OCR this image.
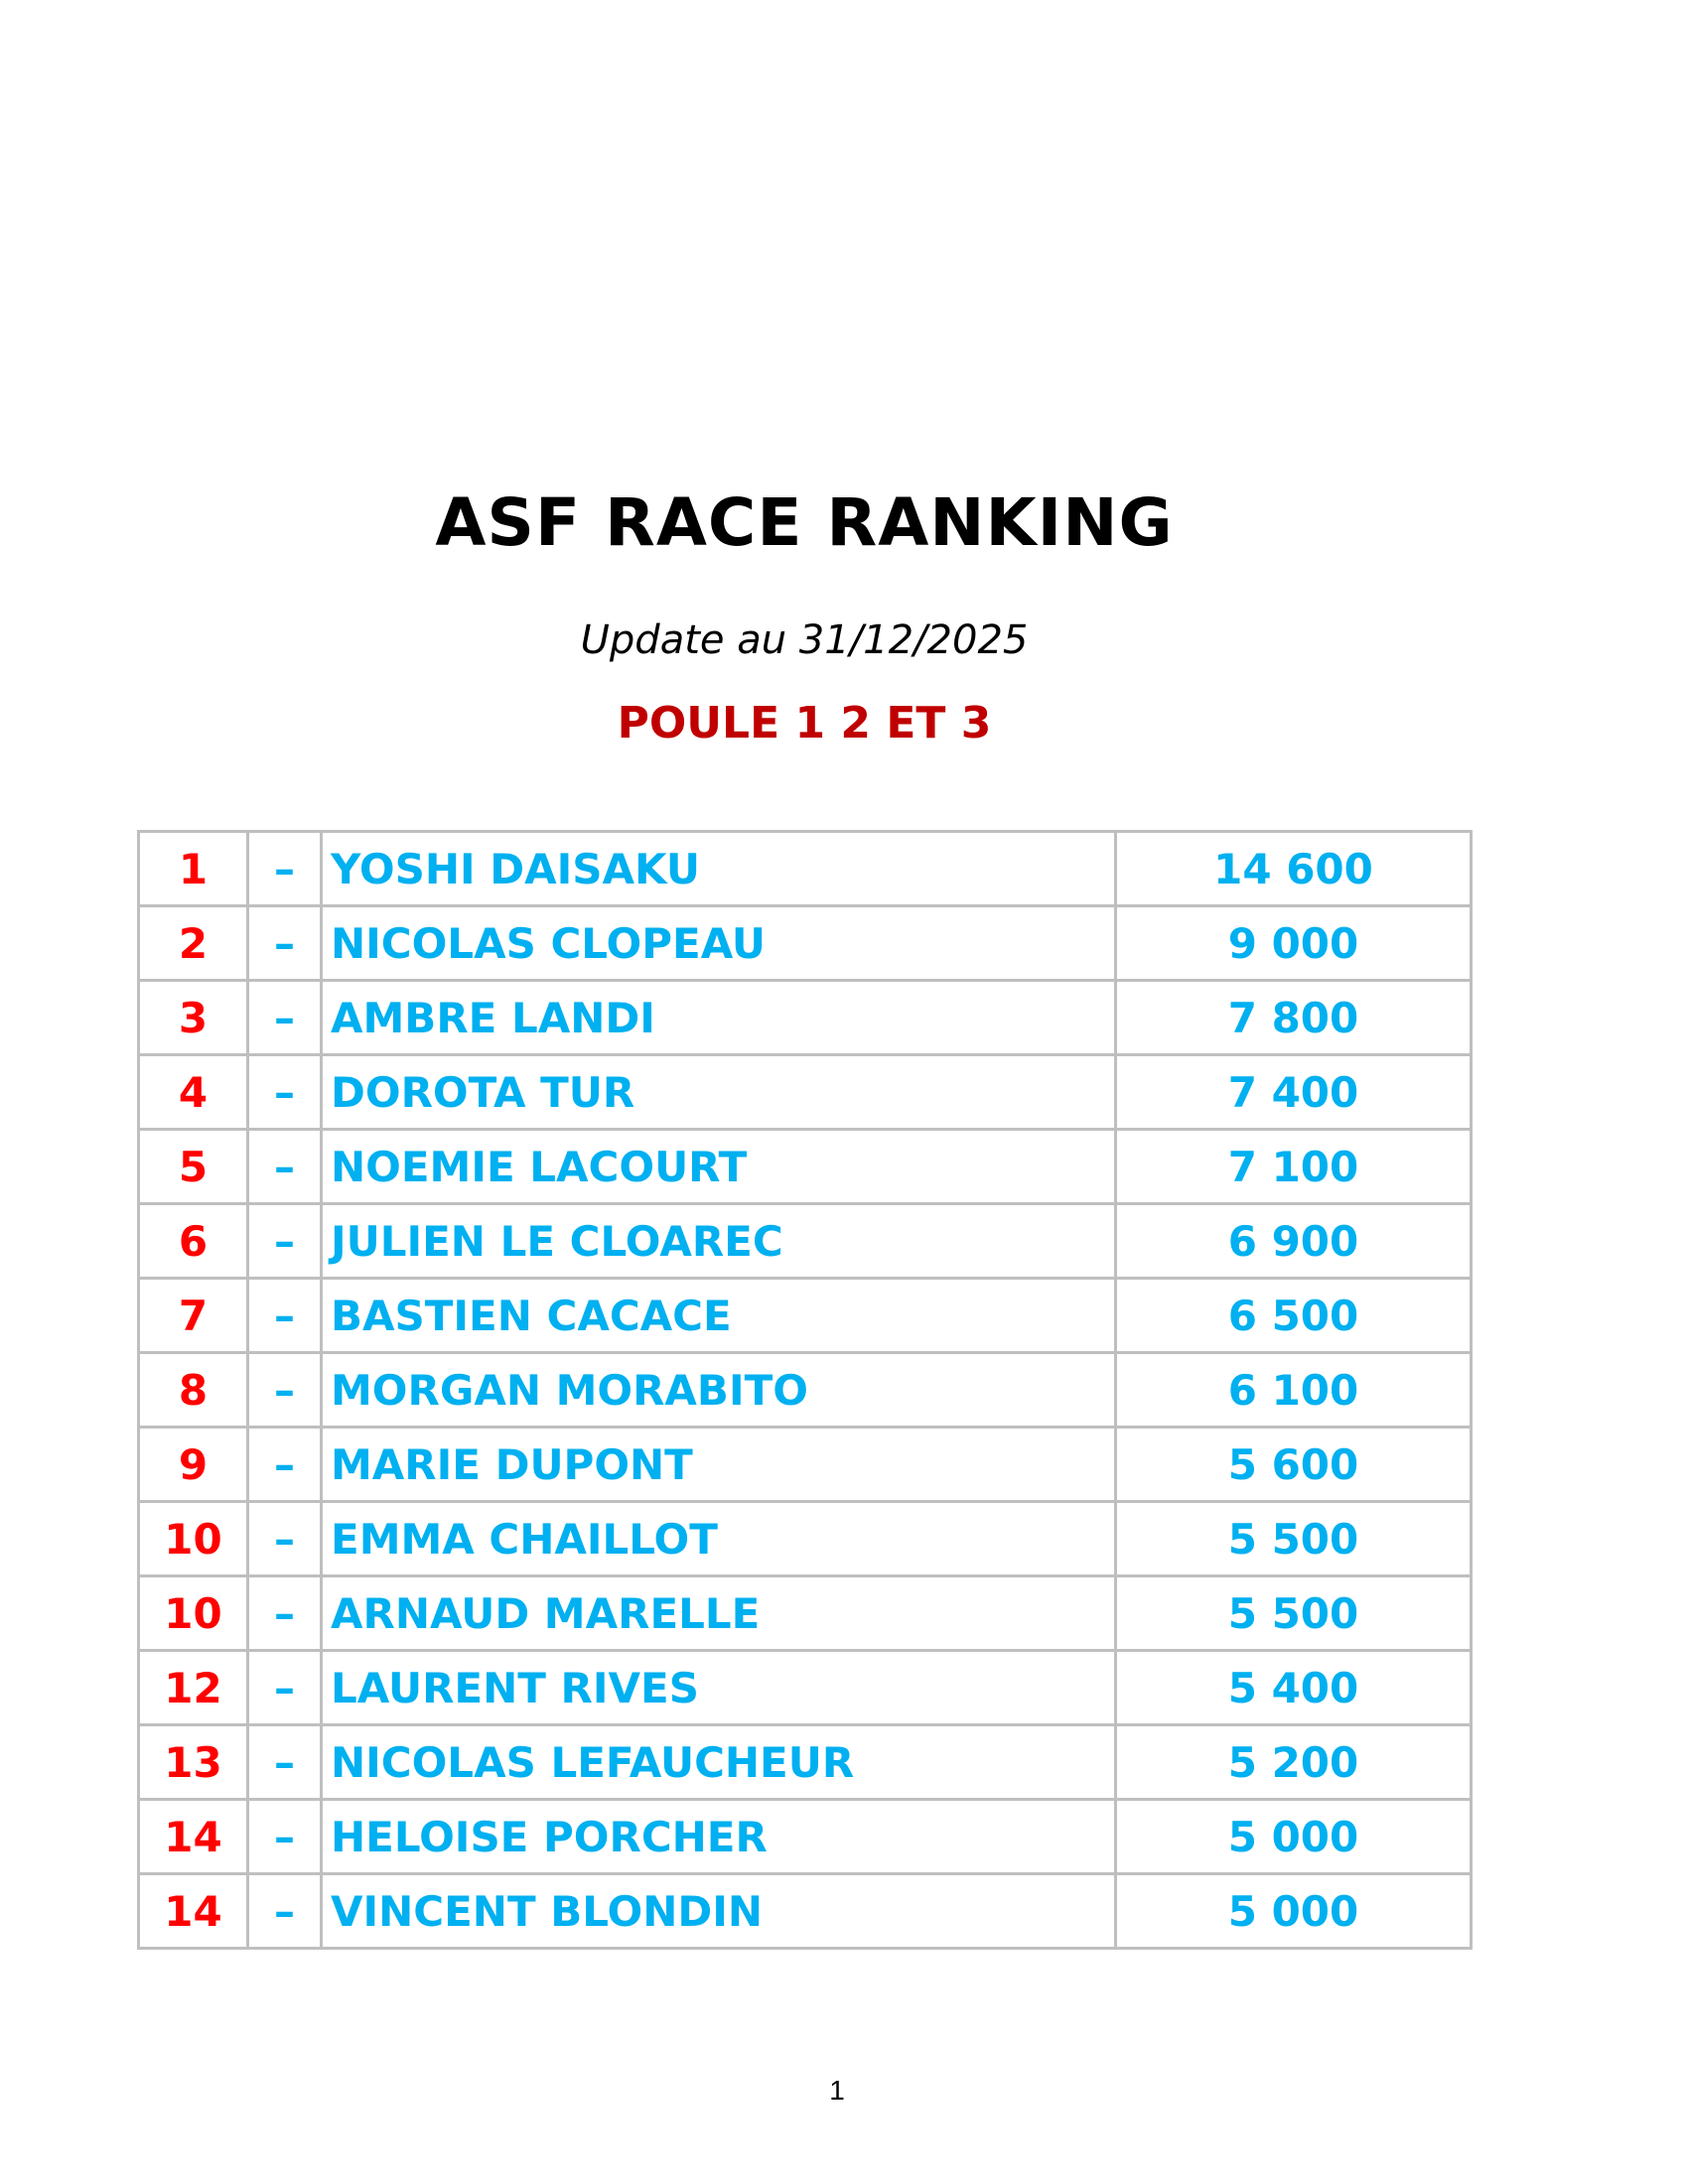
ASF RACE RANKING
Update au 31/12/2025
POULE 1 2 ET 3
1	–	YOSHI DAISAKU	14 600
2	–	NICOLAS CLOPEAU	9 000
3	–	AMBRE LANDI	7 800
4	–	DOROTA TUR	7 400
5	–	NOEMIE LACOURT	7 100
6	–	JULIEN LE CLOAREC	6 900
7	–	BASTIEN CACACE	6 500
8	–	MORGAN MORABITO	6 100
9	–	MARIE DUPONT	5 600
10	–	EMMA CHAILLOT	5 500
10	–	ARNAUD MARELLE	5 500
12	–	LAURENT RIVES	5 400
13	–	NICOLAS LEFAUCHEUR	5 200
14	–	HELOISE PORCHER	5 000
14	–	VINCENT BLONDIN	5 000
1
